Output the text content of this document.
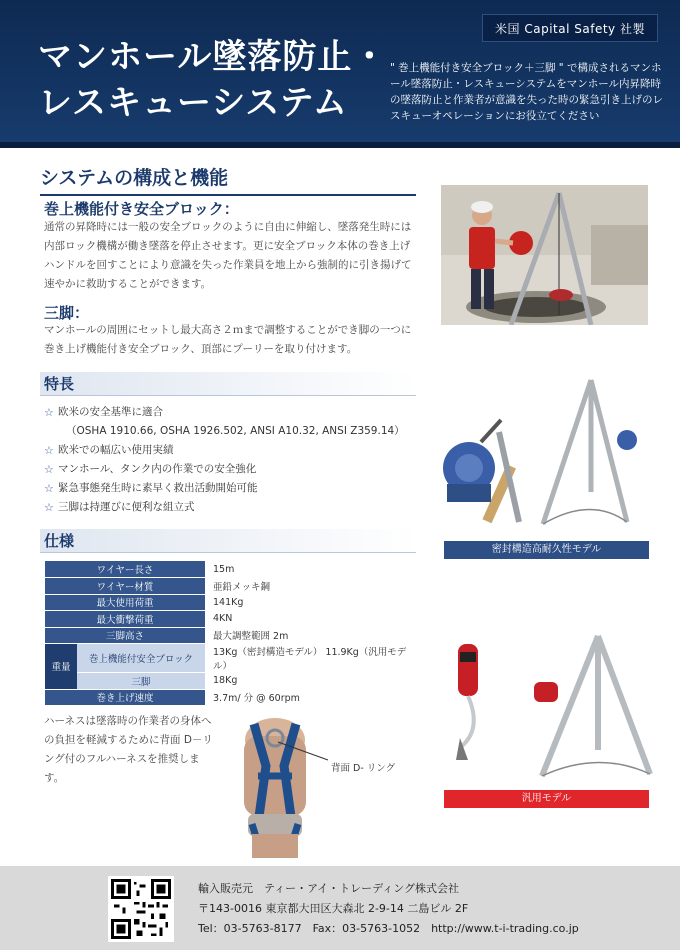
米国 Capital Safety 社製
マンホール墜落防止・
レスキューシステム
" 巻上機能付き安全ブロック＋三脚 " で構成されるマンホール墜落防止・レスキューシステムをマンホール内昇降時の墜落防止と作業者が意識を失った時の緊急引き上げのレスキューオペレーションにお役立てください
システムの構成と機能
巻上機能付き安全ブロック：
通常の昇降時には一般の安全ブロックのように自由に伸縮し、墜落発生時には内部ロック機構が働き墜落を停止させます。更に安全ブロック本体の巻き上げハンドルを回すことにより意識を失った作業員を地上から強制的に引き揚げて速やかに救助することができます。
三脚：
マンホールの周囲にセットし最大高さ２ｍまで調整することができ脚の一つに巻き上げ機能付き安全ブロック、頂部にプーリーを取り付けます。
特長
☆ 欧米の安全基準に適合
（OSHA 1910.66, OSHA 1926.502, ANSI A10.32, ANSI Z359.14）
☆ 欧米での幅広い使用実績
☆ マンホール、タンク内の作業での安全強化
☆ 緊急事態発生時に素早く救出活動開始可能
☆ 三脚は持運びに便利な組立式
仕様
ワイヤー長さ		15m
ワイヤー材質		亜鉛メッキ鋼
最大使用荷重		141Kg
最大衝撃荷重		4KN
三脚高さ		最大調整範囲 2m
重量	巻上機能付安全ブロック	13Kg（密封構造モデル） 11.9Kg（汎用モデル）
	三脚	18Kg
巻き上げ速度		3.7m/ 分 @ 60rpm
ハーネスは墜落時の作業者の身体への負担を軽減するために背面 D－リング付のフルハーネスを推奨します。
背面 D- リング
密封構造高耐久性モデル
汎用モデル
輸入販売元　ティー・アイ・トレーディング株式会社
〒143-0016 東京都大田区大森北 2-9-14 二島ビル 2F
Tel：03-5763-8177　Fax：03-5763-1052　http://www.t-i-trading.co.jp
